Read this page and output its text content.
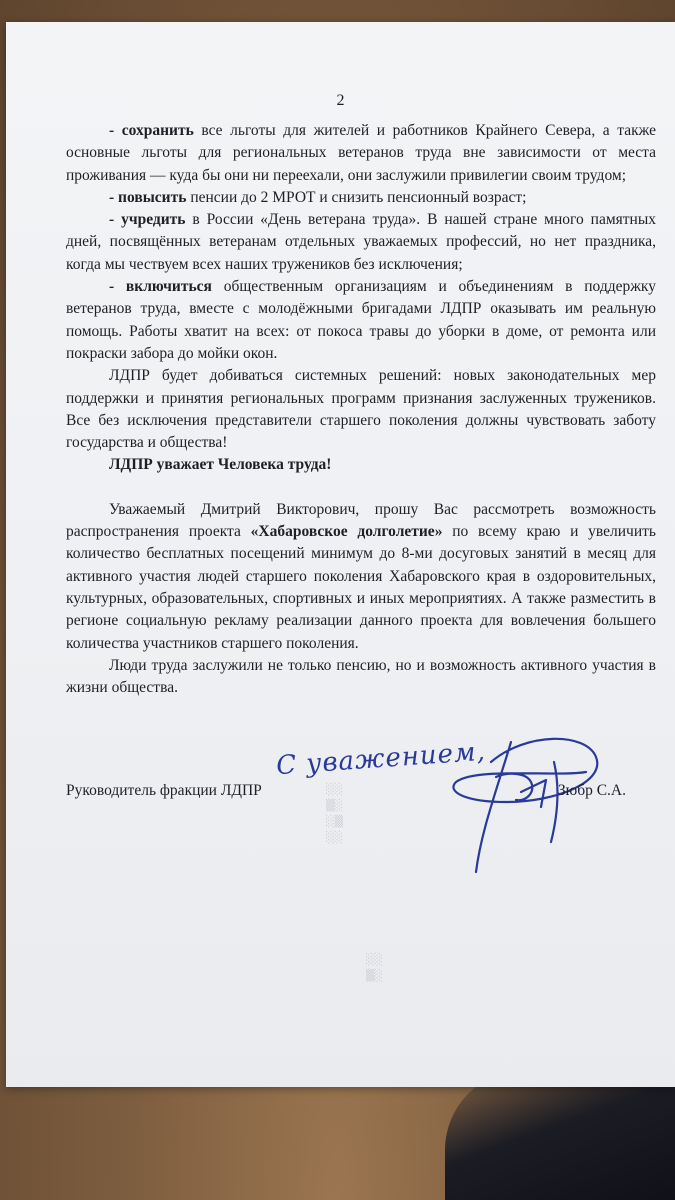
2

- сохранить все льготы для жителей и работников Крайнего Севера, а также основные льготы для региональных ветеранов труда вне зависимости от места проживания — куда бы они ни переехали, они заслужили привилегии своим трудом;

- повысить пенсии до 2 МРОТ и снизить пенсионный возраст;

- учредить в России «День ветерана труда». В нашей стране много памятных дней, посвящённых ветеранам отдельных уважаемых профессий, но нет праздника, когда мы чествуем всех наших тружеников без исключения;

- включиться общественным организациям и объединениям в поддержку ветеранов труда, вместе с молодёжными бригадами ЛДПР оказывать им реальную помощь. Работы хватит на всех: от покоса травы до уборки в доме, от ремонта или покраски забора до мойки окон.

ЛДПР будет добиваться системных решений: новых законодательных мер поддержки и принятия региональных программ признания заслуженных тружеников. Все без исключения представители старшего поколения должны чувствовать заботу государства и общества!

ЛДПР уважает Человека труда!

Уважаемый Дмитрий Викторович, прошу Вас рассмотреть возможность распространения проекта «Хабаровское долголетие» по всему краю и увеличить количество бесплатных посещений минимум до 8-ми досуговых занятий в месяц для активного участия людей старшего поколения Хабаровского края в оздоровительных, культурных, образовательных, спортивных и иных мероприятиях. А также разместить в регионе социальную рекламу реализации данного проекта для вовлечения большего количества участников старшего поколения.

Люди труда заслужили не только пенсию, но и возможность активного участия в жизни общества.

С уважением,
Руководитель фракции ЛДПР	Зюбр С.А.
░░
▒░
░▒
░░
░░
▒░
